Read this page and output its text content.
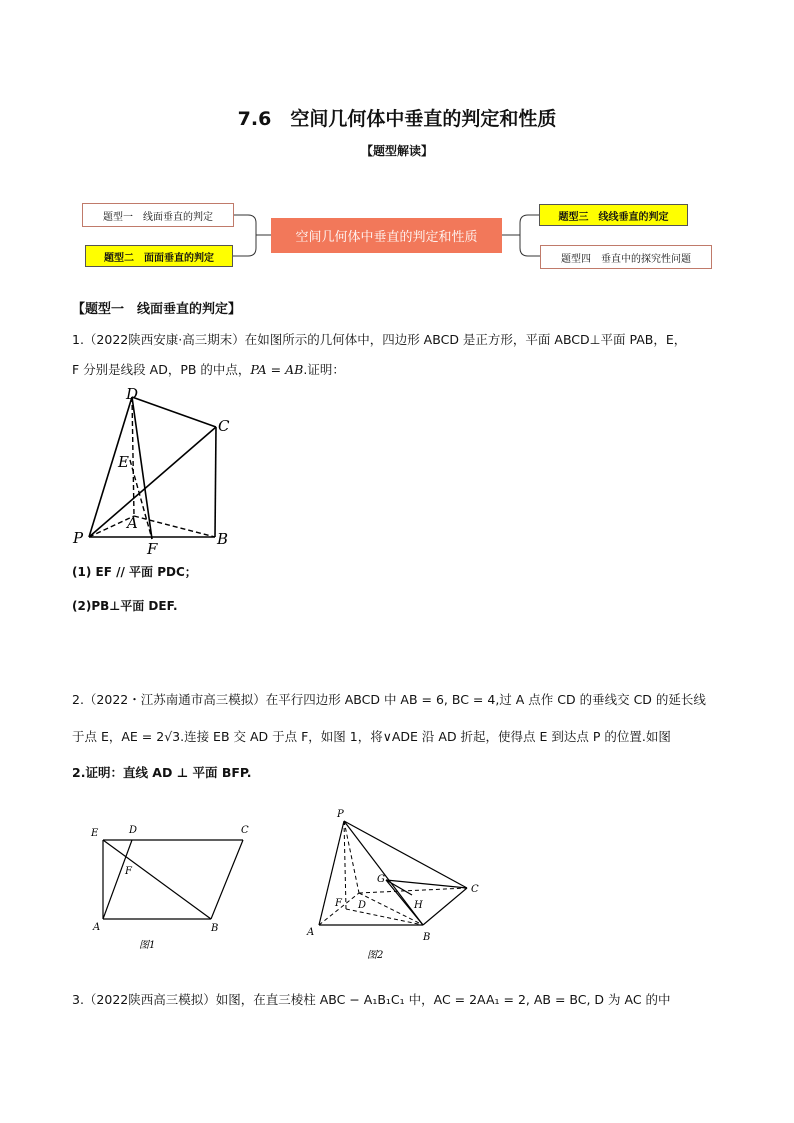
7.6　空间几何体中垂直的判定和性质
【题型解读】
题型一　线面垂直的判定
题型二　面面垂直的判定
空间几何体中垂直的判定和性质
题型三　线线垂直的判定
题型四　垂直中的探究性问题
【题型一　线面垂直的判定】
1.（2022陕西安康·高三期末）在如图所示的几何体中，四边形 ABCD 是正方形，平面 ABCD⊥平面 PAB，E，
F 分别是线段 AD，PB 的中点，PA = AB.证明：
D
C
E
A
P
F
B
(1) EF // 平面 PDC；
(2)PB⊥平面 DEF.
2.（2022・江苏南通市高三模拟）在平行四边形 ABCD 中 AB = 6, BC = 4,过 A 点作 CD 的垂线交 CD 的延长线
于点 E，AE = 2√3.连接 EB 交 AD 于点 F，如图 1，将∨ADE 沿 AD 折起，使得点 E 到达点 P 的位置.如图
2.证明：直线 AD ⊥ 平面 BFP.
E	D	C
F
A	B
图1
P
G
C
F D	H
A	B
图2
3.（2022陕西高三模拟）如图，在直三棱柱 ABC − A₁B₁C₁ 中，AC = 2AA₁ = 2, AB = BC, D 为 AC 的中
